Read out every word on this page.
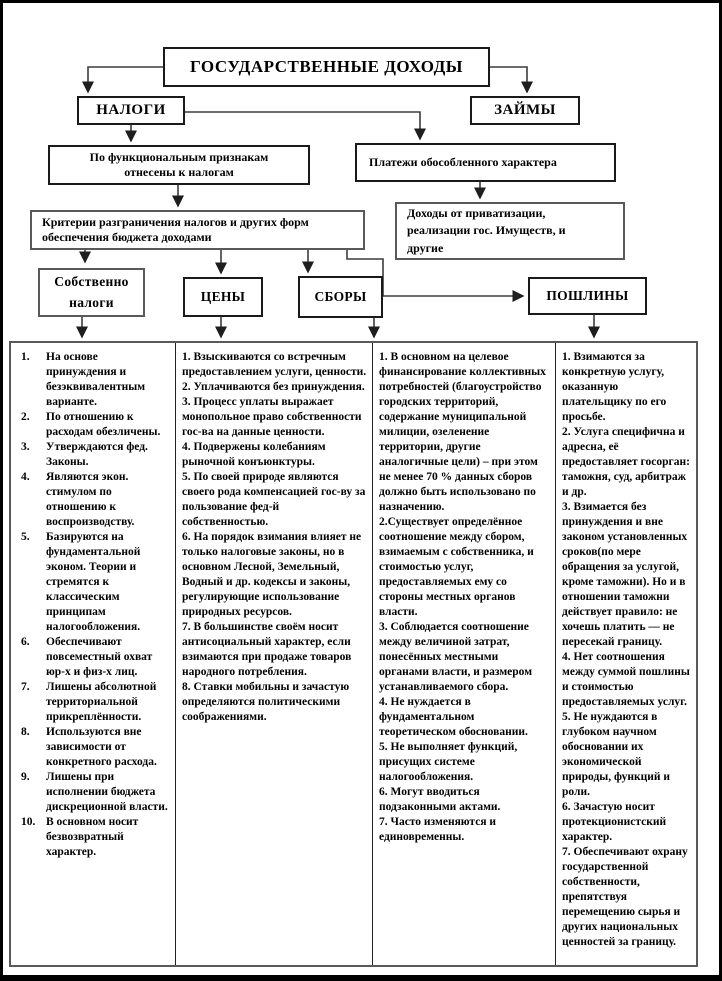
ГОСУДАРСТВЕННЫЕ ДОХОДЫ
НАЛОГИ	ЗАЙМЫ
По функциональным признакам
отнесены к налогам
Платежи обособленного характера
Критерии разграничения налогов и других форм
обеспечения бюджета доходами
Доходы от приватизации,
реализации гос. Имуществ, и
другие
Собственно
налоги	ЦЕНЫ	СБОРЫ	ПОШЛИНЫ
1.	На основе принуждения и безэквивалентным варианте.
2.	По отношению к расходам обезличены.
3.	Утверждаются фед. Законы.
4.	Являются экон. стимулом по отношению к воспроизводству.
5.	Базируются на фундаментальной эконом. Теории и стремятся к классическим принципам налогообложения.
6.	Обеспечивают повсеместный охват юр-х и физ-х лиц.
7.	Лишены абсолютной территориальной прикреплённости.
8.	Используются вне зависимости от конкретного расхода.
9.	Лишены при исполнении бюджета дискреционной власти.
10. В основном носит безвозвратный характер.
1. Взыскиваются со встречным предоставлением услуги, ценности.
2. Уплачиваются без принуждения.
3. Процесс уплаты выражает монопольное право собственности гос-ва на данные ценности.
4. Подвержены колебаниям рыночной конъюнктуры.
5. По своей природе являются своего рода компенсацией гос-ву за пользование фед-й собственностью.
6. На порядок взимания влияет не только налоговые законы, но в основном Лесной, Земельный, Водный и др. кодексы и законы, регулирующие использование природных ресурсов.
7. В большинстве своём носит антисоциальный характер, если взимаются при продаже товаров народного потребления.
8. Ставки мобильны и зачастую определяются политическими соображениями.
1. В основном на целевое финансирование коллективных потребностей (благоустройство городских территорий, содержание муниципальной милиции, озеленение территории, другие аналогичные цели) – при этом не менее 70 % данных сборов должно быть использовано по назначению.
2.Существует определённое соотношение между сбором, взимаемым с собственника, и стоимостью услуг, предоставляемых ему со стороны местных органов власти.
3. Соблюдается соотношение между величиной затрат, понесённых местными органами власти, и размером устанавливаемого сбора.
4. Не нуждается в фундаментальном теоретическом обосновании.
5. Не выполняет функций, присущих системе налогообложения.
6. Могут вводиться подзаконными актами.
7. Часто изменяются и единовременны.
1. Взимаются за конкретную услугу, оказанную плательщику по его просьбе.
2. Услуга специфична и адресна, её предоставляет госорган: таможня, суд, арбитраж и др.
3. Взимается без принуждения и вне законом установленных сроков(по мере обращения за услугой, кроме таможни). Но и в отношении таможни действует правило: не хочешь платить — не пересекай границу.
4. Нет соотношения между суммой пошлины и стоимостью предоставляемых услуг.
5. Не нуждаются в глубоком научном обосновании их экономической природы, функций и роли.
6. Зачастую носит протекционистский характер.
7. Обеспечивают охрану государственной собственности, препятствуя перемещению сырья и других национальных ценностей за границу.
